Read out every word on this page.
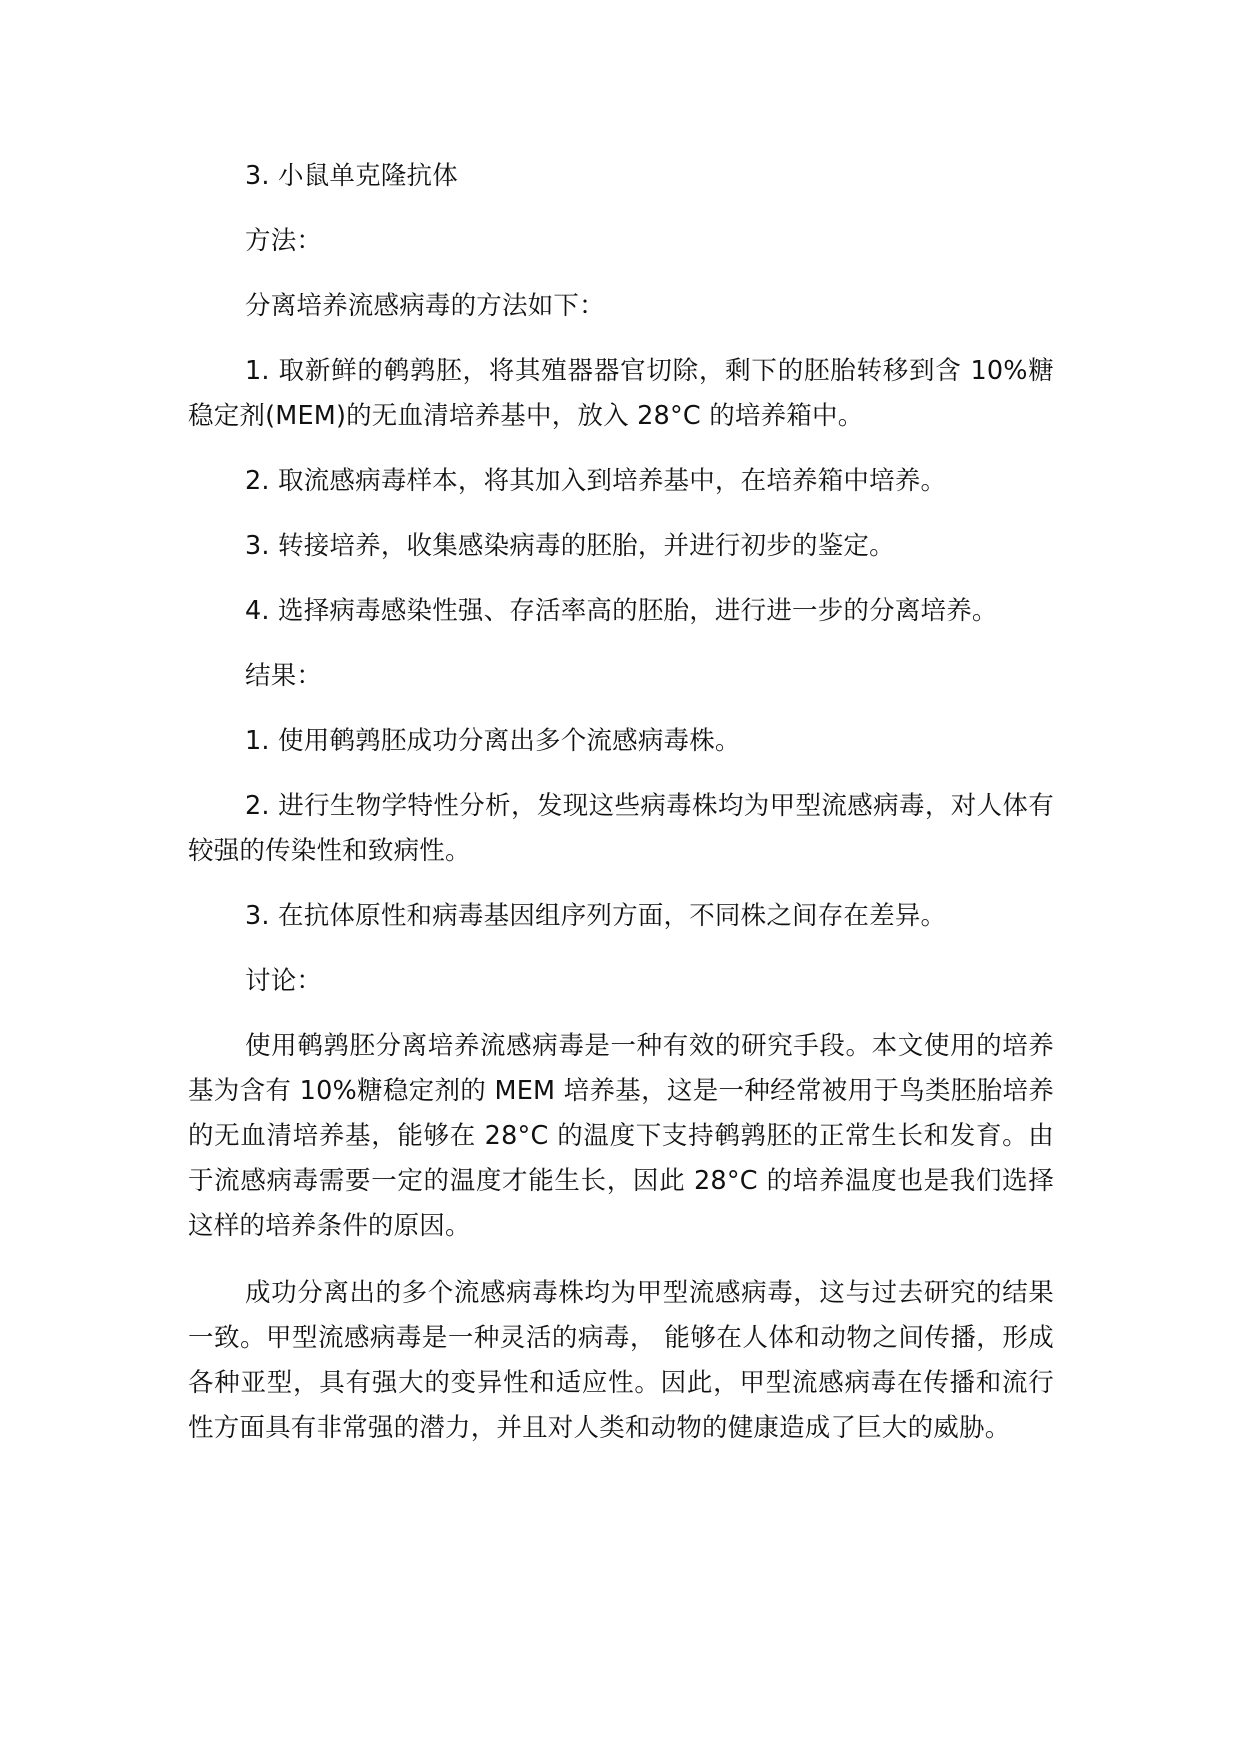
3. 小鼠单克隆抗体

方法：

分离培养流感病毒的方法如下：

1. 取新鲜的鹌鹑胚，将其殖器器官切除，剩下的胚胎转移到含 10%糖稳定剂(MEM)的无血清培养基中，放入 28°C 的培养箱中。

2. 取流感病毒样本，将其加入到培养基中，在培养箱中培养。

3. 转接培养，收集感染病毒的胚胎，并进行初步的鉴定。

4. 选择病毒感染性强、存活率高的胚胎，进行进一步的分离培养。

结果：

1. 使用鹌鹑胚成功分离出多个流感病毒株。

2. 进行生物学特性分析，发现这些病毒株均为甲型流感病毒，对人体有较强的传染性和致病性。

3. 在抗体原性和病毒基因组序列方面，不同株之间存在差异。

讨论：

使用鹌鹑胚分离培养流感病毒是一种有效的研究手段。本文使用的培养基为含有 10%糖稳定剂的 MEM 培养基，这是一种经常被用于鸟类胚胎培养的无血清培养基，能够在 28°C 的温度下支持鹌鹑胚的正常生长和发育。由于流感病毒需要一定的温度才能生长，因此 28°C 的培养温度也是我们选择这样的培养条件的原因。

成功分离出的多个流感病毒株均为甲型流感病毒，这与过去研究的结果一致。甲型流感病毒是一种灵活的病毒， 能够在人体和动物之间传播，形成各种亚型，具有强大的变异性和适应性。因此，甲型流感病毒在传播和流行性方面具有非常强的潜力，并且对人类和动物的健康造成了巨大的威胁。
